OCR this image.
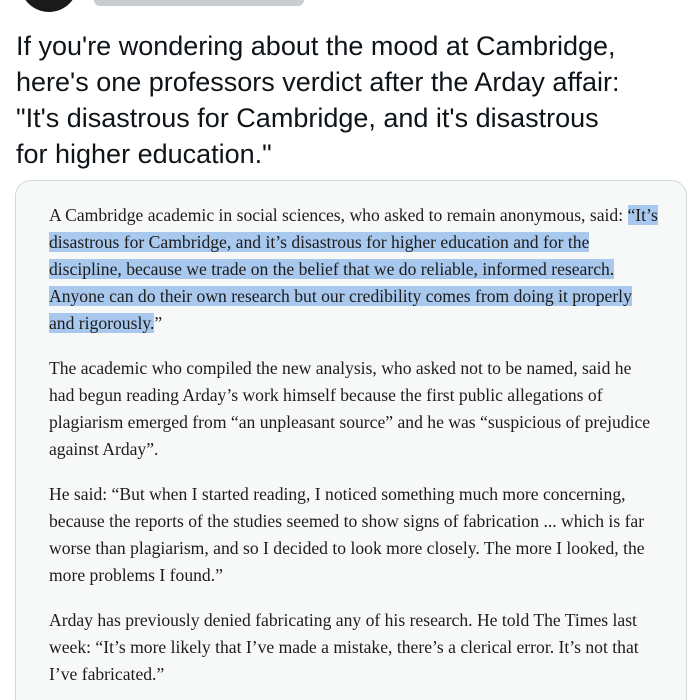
If you're wondering about the mood at Cambridge,
here's one professors verdict after the Arday affair:
"It's disastrous for Cambridge, and it's disastrous
for higher education."

A Cambridge academic in social sciences, who asked to remain anonymous, said: “It’s disastrous for Cambridge, and it’s disastrous for higher education and for the discipline, because we trade on the belief that we do reliable, informed research. Anyone can do their own research but our credibility comes from doing it properly and rigorously.”

The academic who compiled the new analysis, who asked not to be named, said he had begun reading Arday’s work himself because the first public allegations of plagiarism emerged from “an unpleasant source” and he was “suspicious of prejudice against Arday”.

He said: “But when I started reading, I noticed something much more concerning, because the reports of the studies seemed to show signs of fabrication ... which is far worse than plagiarism, and so I decided to look more closely. The more I looked, the more problems I found.”

Arday has previously denied fabricating any of his research. He told The Times last week: “It’s more likely that I’ve made a mistake, there’s a clerical error. It’s not that I’ve fabricated.”
